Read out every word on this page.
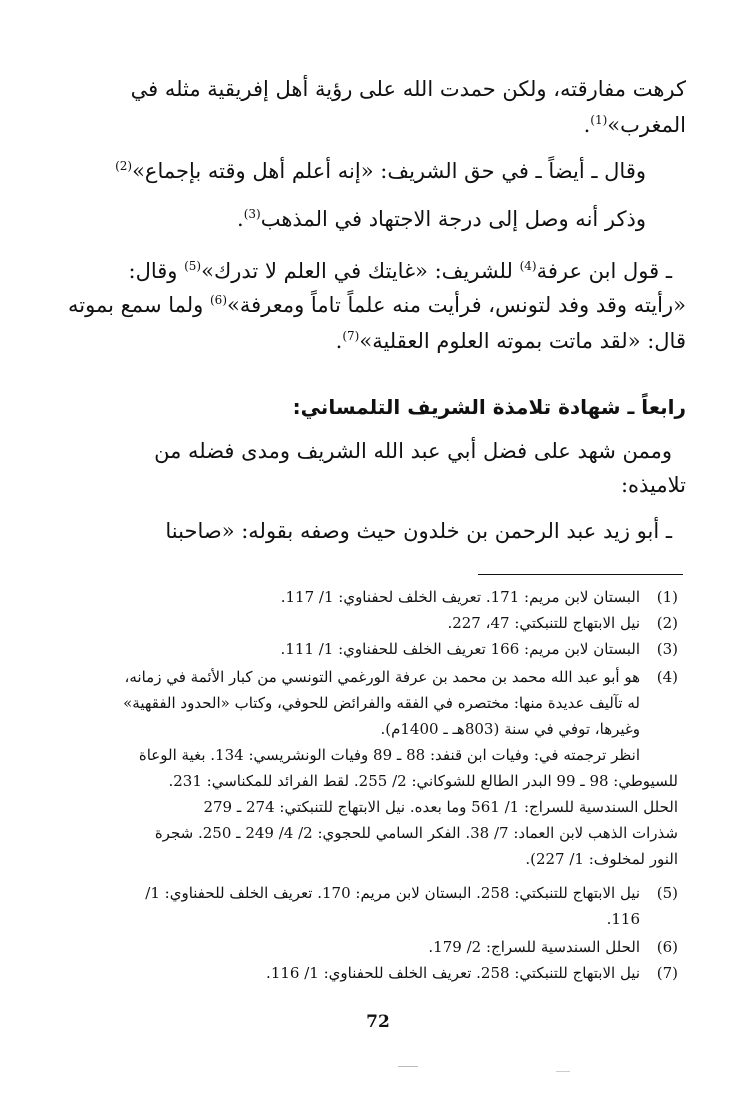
كرهت مفارقته، ولكن حمدت الله على رؤية أهل إفريقية مثله في
المغرب»$^{(1)}$.
وقال ـ أيضاً ـ في حق الشريف: «إنه أعلم أهل وقته بإجماع»$^{(2)}$
وذكر أنه وصل إلى درجة الاجتهاد في المذهب$^{(3)}$.
ـ قول ابن عرفة$^{(4)}$ للشريف: «غايتك في العلم لا تدرك»$^{(5)}$ وقال:
«رأيته وقد وفد لتونس، فرأيت منه علماً تاماً ومعرفة»$^{(6)}$ ولما سمع بموته
قال: «لقد ماتت بموته العلوم العقلية»$^{(7)}$.
رابعاً ـ شهادة تلامذة الشريف التلمساني:
وممن شهد على فضل أبي عبد الله الشريف ومدى فضله من
تلاميذه:
ـ أبو زيد عبد الرحمن بن خلدون حيث وصفه بقوله: «صاحبنا
(1)
البستان لابن مريم: 171. تعريف الخلف لحفناوي: 1/ 117.
(2)
نيل الابتهاج للتنبكتي: 47، 227.
(3)
البستان لابن مريم: 166 تعريف الخلف للحفناوي: 1/ 111.
(4)
هو أبو عبد الله محمد بن محمد بن عرفة الورغمي التونسي من كبار الأئمة في زمانه،
له تآليف عديدة منها: مختصره في الفقه والفرائض للحوفي، وكتاب «الحدود الفقهية»
وغيرها، توفي في سنة (803هـ ـ 1400م).
انظر ترجمته في: وفيات ابن قنفد: 88 ـ 89 وفيات الونشريسي: 134. بغية الوعاة
للسيوطي: 98 ـ 99 البدر الطالع للشوكاني: 2/ 255. لقط الفرائد للمكناسي: 231.
الحلل السندسية للسراج: 1/ 561 وما بعده. نيل الابتهاج للتنبكتي: 274 ـ 279
شذرات الذهب لابن العماد: 7/ 38. الفكر السامي للحجوي: 2/ 4/ 249 ـ 250. شجرة
النور لمخلوف: 1/ 227).
(5)
نيل الابتهاج للتنبكتي: 258. البستان لابن مريم: 170. تعريف الخلف للحفناوي: 1/
116.
(6)
الحلل السندسية للسراج: 2/ 179.
(7)
نيل الابتهاج للتنبكتي: 258. تعريف الخلف للحفناوي: 1/ 116.
72
